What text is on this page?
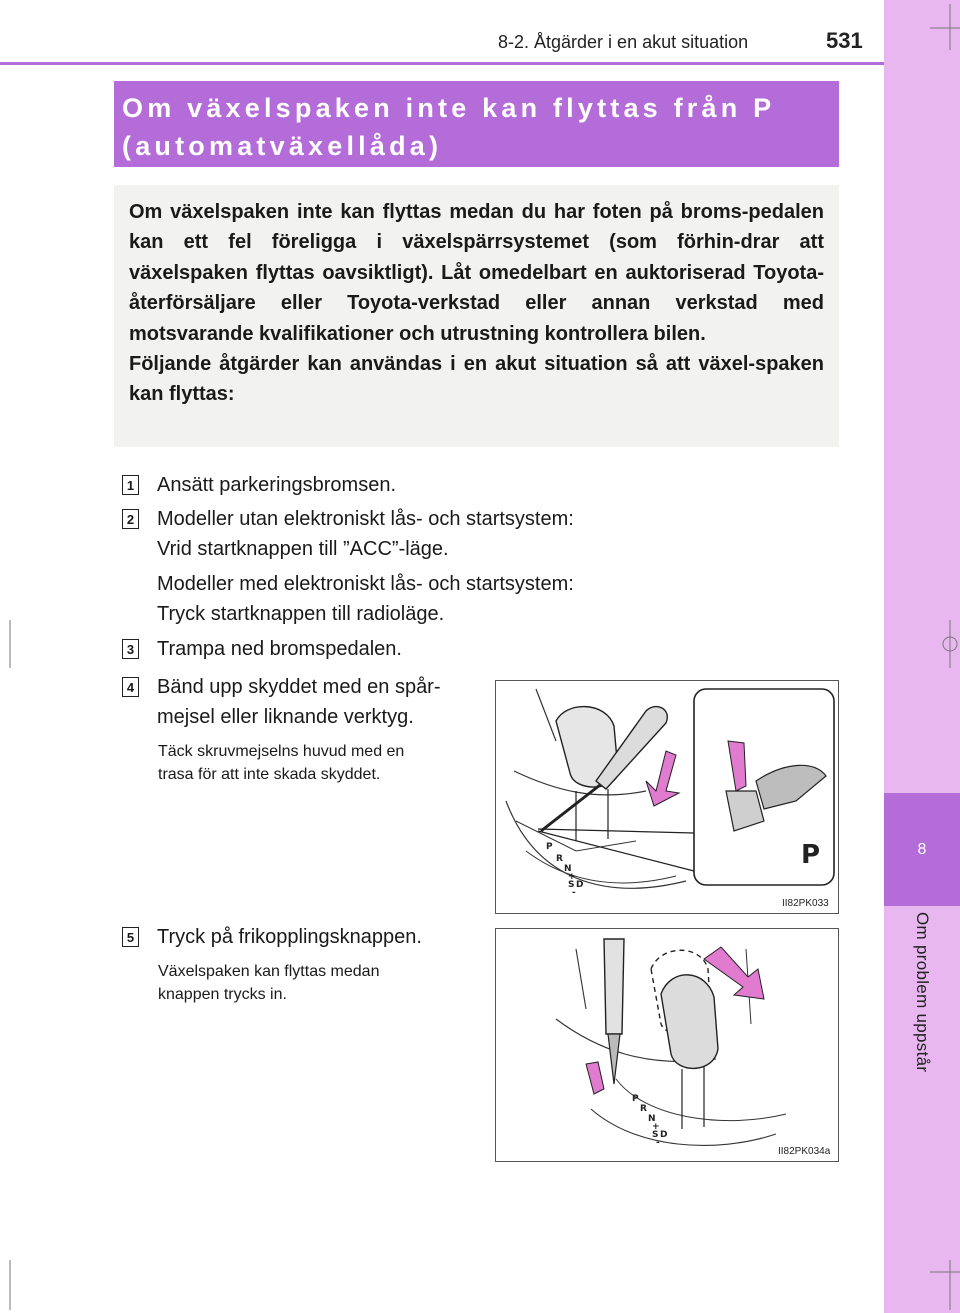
8
Om problem uppstår
8-2. Åtgärder i en akut situation	531
Om växelspaken inte kan flyttas från P
(automatväxellåda)

Om växelspaken inte kan flyttas medan du har foten på broms-pedalen kan ett fel föreligga i växelspärrsystemet (som förhin-drar att växelspaken flyttas oavsiktligt). Låt omedelbart en auktoriserad Toyota-återförsäljare eller Toyota-verkstad eller annan verkstad med motsvarande kvalifikationer och utrustning kontrollera bilen.

Följande åtgärder kan användas i en akut situation så att växel-spaken kan flyttas:

1 Ansätt parkeringsbromsen.
2 Modeller utan elektroniskt lås- och startsystem:
Vrid startknappen till ”ACC”-läge.
Modeller med elektroniskt lås- och startsystem:
Tryck startknappen till radioläge.
3 Trampa ned bromspedalen.
4 Bänd upp skyddet med en spår-
mejsel eller liknande verktyg.
Täck skruvmejselns huvud med en
trasa för att inte skada skyddet.
P
R
N
+
S D
-
P
II82PK033
5 Tryck på frikopplingsknappen.
Växelspaken kan flyttas medan
knappen trycks in.
P
R
N
+
S D
-
II82PK034a
